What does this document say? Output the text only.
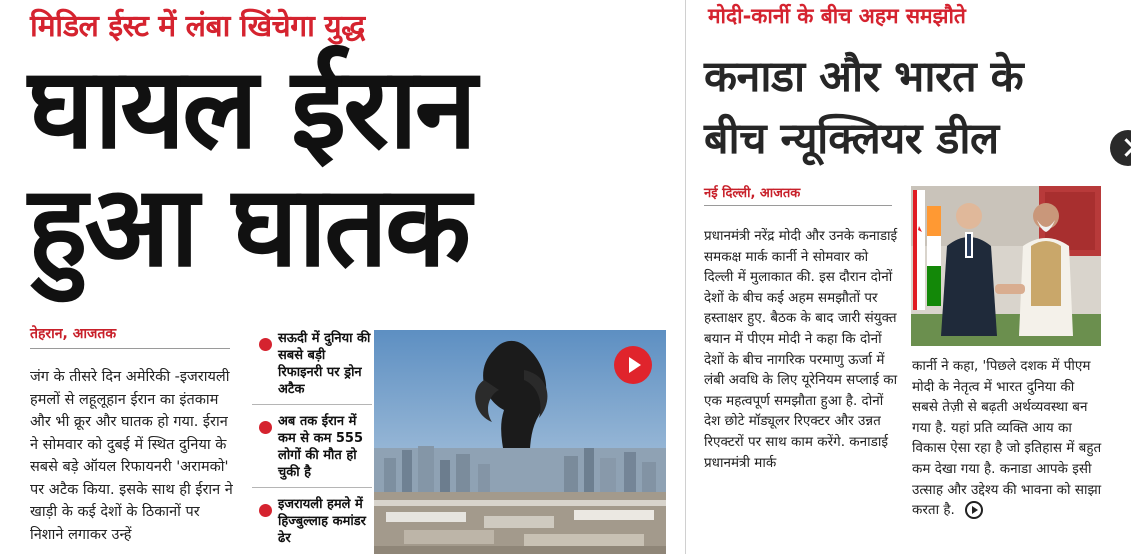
मिडिल ईस्ट में लंबा खिंचेगा युद्ध
घायल ईरान
हुआ घातक
तेहरान, आजतक
जंग के तीसरे दिन अमेरिकी -इजरायली हमलों से लहूलूहान ईरान का इंतकाम और भी क्रूर और घातक हो गया. ईरान ने सोमवार को दुबई में स्थित दुनिया के सबसे बड़े ऑयल रिफायनरी 'अरामको' पर अटैक किया. इसके साथ ही ईरान ने खाड़ी के कई देशों के ठिकानों पर निशाने लगाकर उन्हें
सऊदी में दुनिया की सबसे बड़ी रिफाइनरी पर ड्रोन अटैक
अब तक ईरान में कम से कम 555 लोगों की मौत हो चुकी है
इजरायली हमले में हिज्बुल्लाह कमांडर ढेर
मोदी-कार्नी के बीच अहम समझौते
कनाडा और भारत के
बीच न्यूक्लियर डील
नई दिल्ली, आजतक
प्रधानमंत्री नरेंद्र मोदी और उनके कनाडाई समकक्ष मार्क कार्नी ने सोमवार को दिल्ली में मुलाकात की. इस दौरान दोनों देशों के बीच कई अहम समझौतों पर हस्ताक्षर हुए. बैठक के बाद जारी संयुक्त बयान में पीएम मोदी ने कहा कि दोनों देशों के बीच नागरिक परमाणु ऊर्जा में लंबी अवधि के लिए यूरेनियम सप्लाई का एक महत्वपूर्ण समझौता हुआ है. दोनों देश छोटे मॉड्यूलर रिएक्टर और उन्नत रिएक्टरों पर साथ काम करेंगे. कनाडाई प्रधानमंत्री मार्क
कार्नी ने कहा, 'पिछले दशक में पीएम मोदी के नेतृत्व में भारत दुनिया की सबसे तेज़ी से बढ़ती अर्थव्यवस्था बन गया है. यहां प्रति व्यक्ति आय का विकास ऐसा रहा है जो इतिहास में बहुत कम देखा गया है. कनाडा आपके इसी उत्साह और उद्देश्य की भावना को साझा करता है.
